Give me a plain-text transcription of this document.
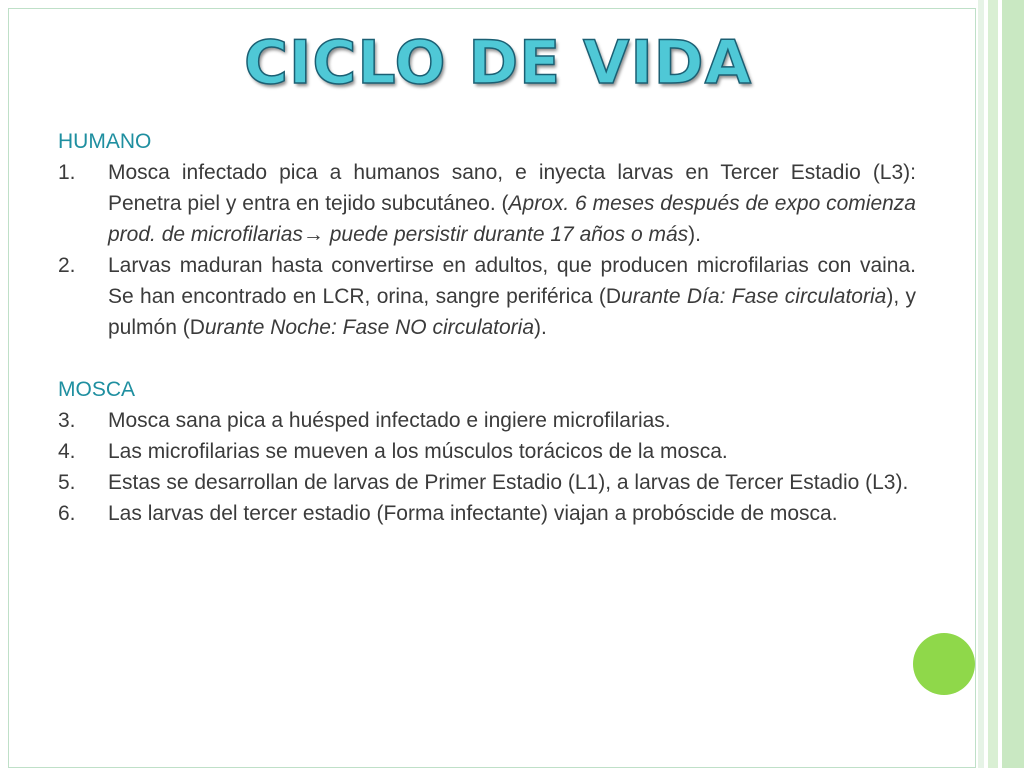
CICLO DE VIDA
HUMANO
1.	Mosca infectado pica a humanos sano, e inyecta larvas en Tercer Estadio (L3): Penetra piel y entra en tejido subcutáneo. (Aprox. 6 meses después de expo comienza prod. de microfilarias→ puede persistir durante 17 años o más).
2.	Larvas maduran hasta convertirse en adultos, que producen microfilarias con vaina. Se han encontrado en LCR, orina, sangre periférica (Durante Día: Fase circulatoria), y pulmón (Durante Noche: Fase NO circulatoria).
MOSCA
3.	Mosca sana pica a huésped infectado e ingiere microfilarias.
4.	Las microfilarias se mueven a los músculos torácicos de la mosca.
5.	Estas se desarrollan de larvas de Primer Estadio (L1), a larvas de Tercer Estadio (L3).
6.	Las larvas del tercer estadio (Forma infectante) viajan a probóscide de mosca.
